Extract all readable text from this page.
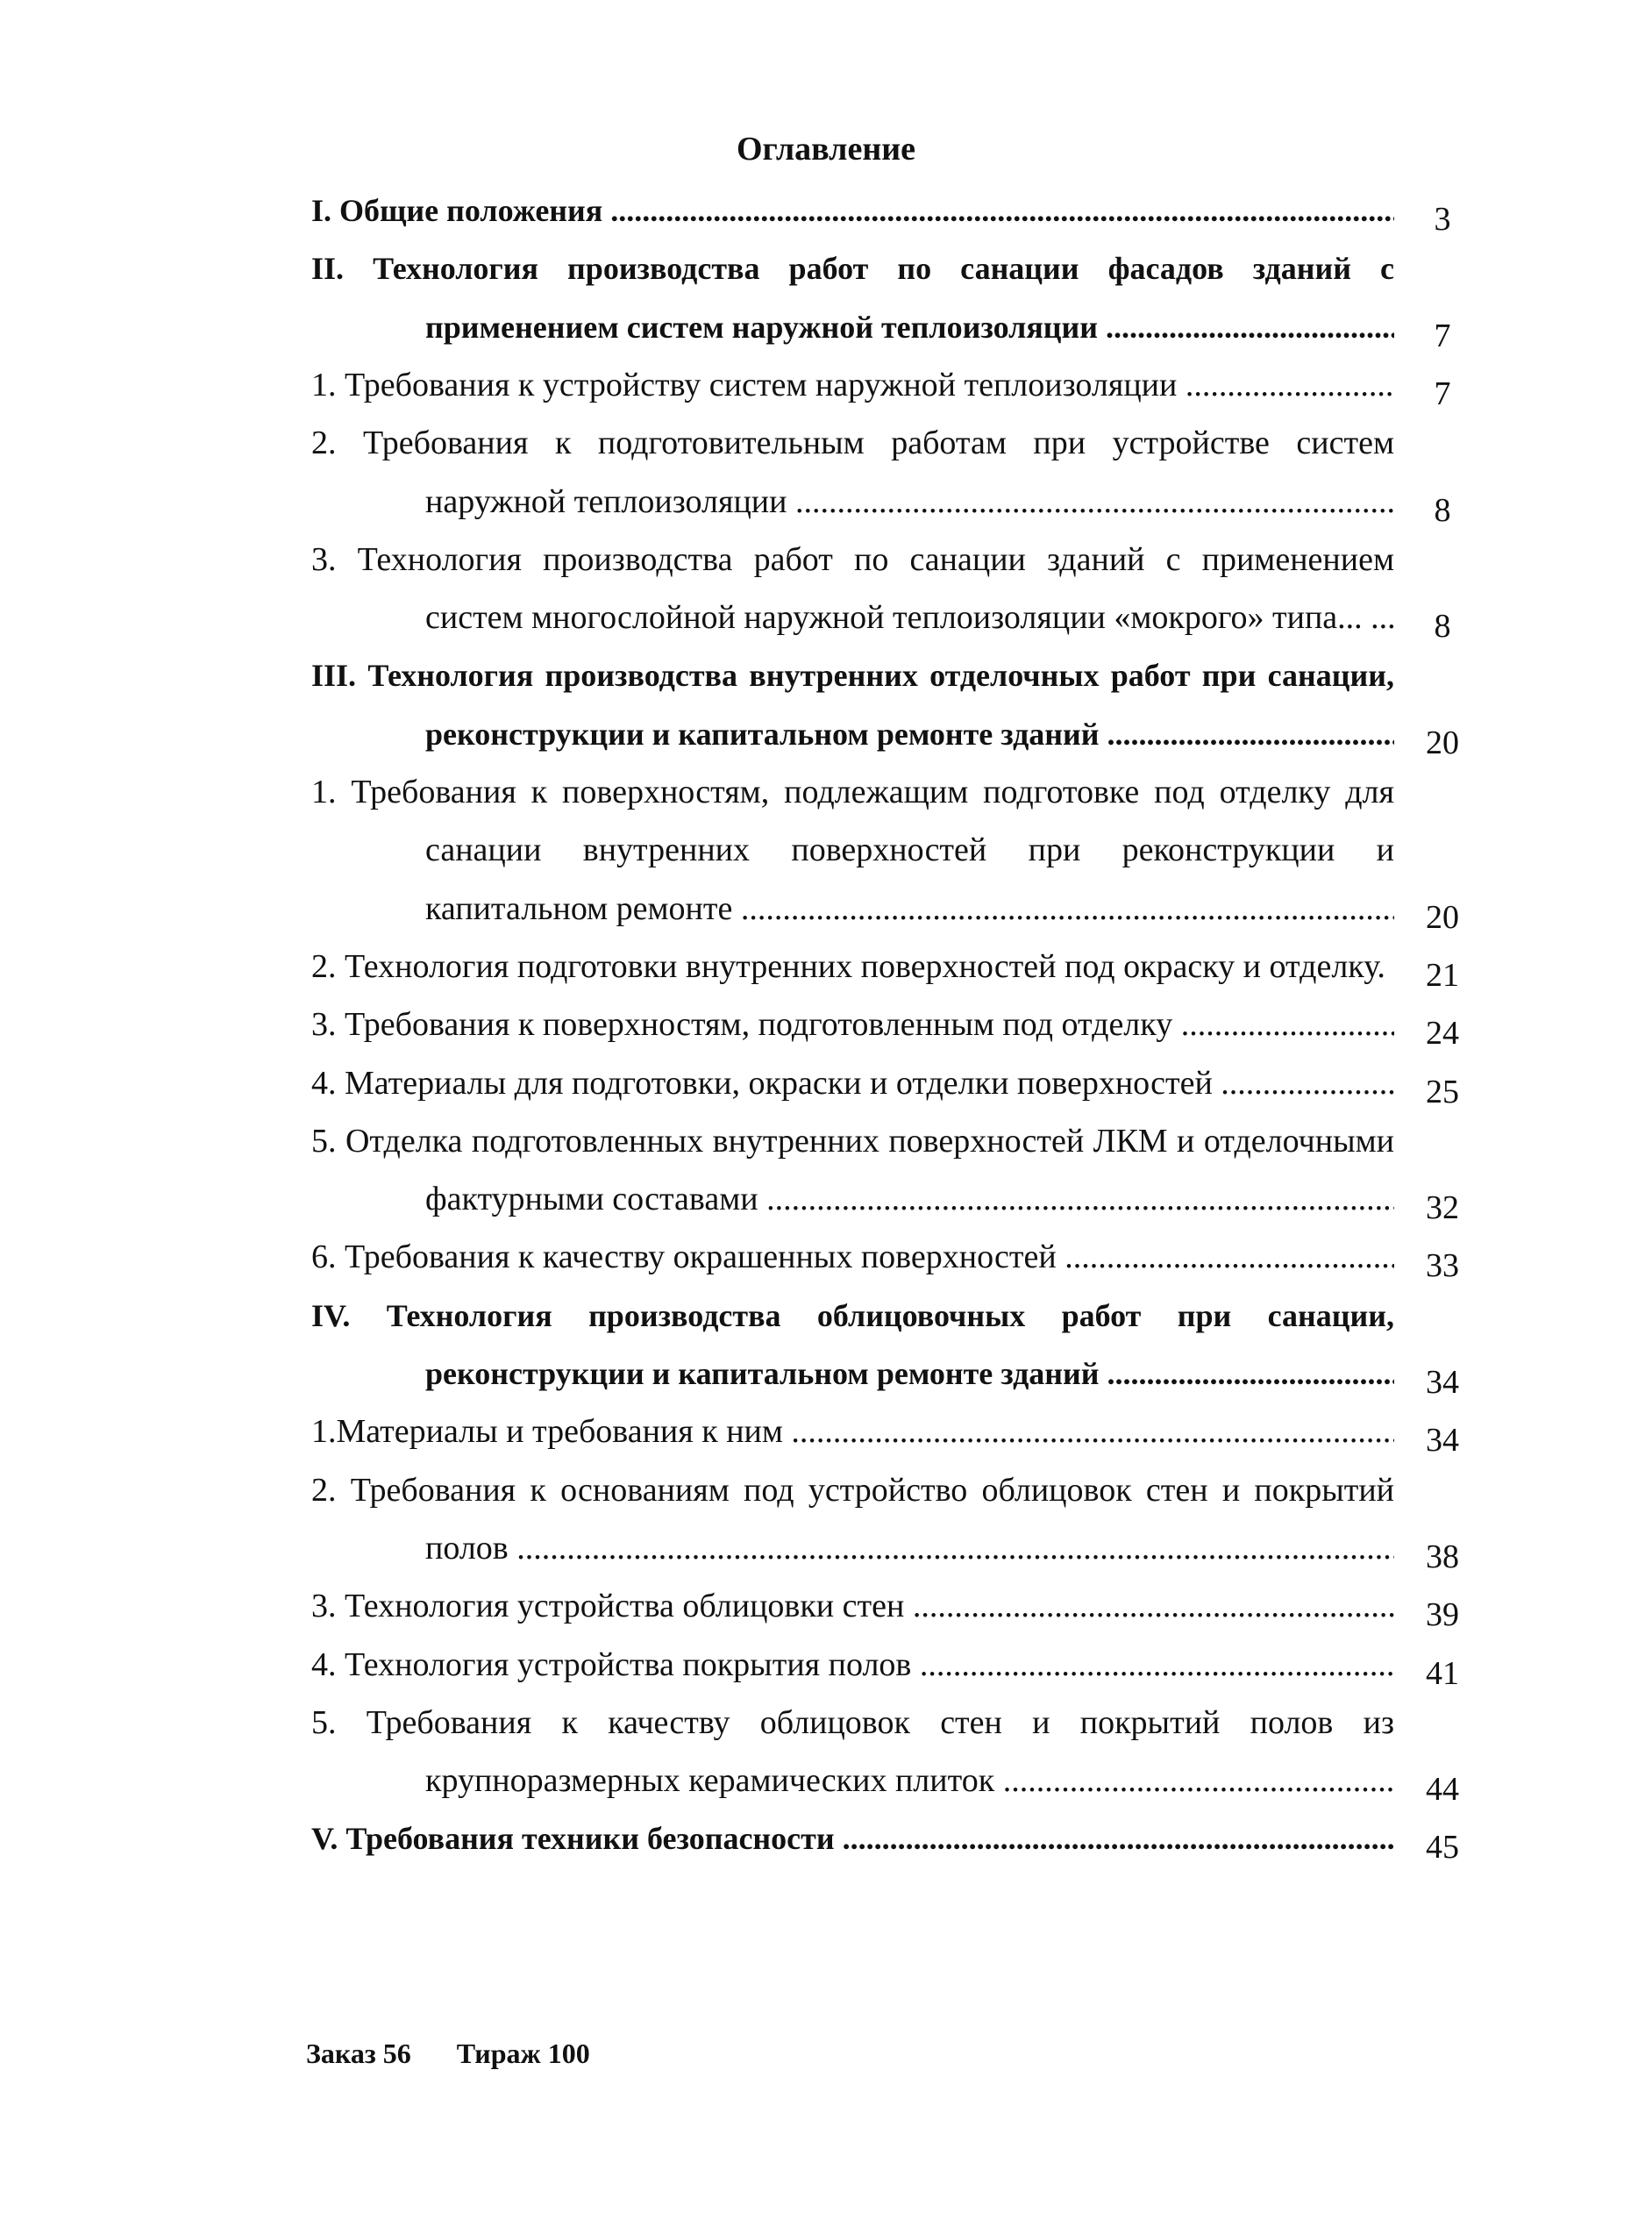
Оглавление
I. Общие положения .....	3
II. Технология производства работ по санации фасадов зданий с
применением систем наружной теплоизоляции .....	7
1. Требования к устройству систем наружной теплоизоляции .....	7
2. Требования к подготовительным работам при устройстве систем
наружной теплоизоляции .....	8
3. Технология производства работ по санации зданий с применением
систем многослойной наружной теплоизоляции «мокрого» типа... .....	8
III. Технология производства внутренних отделочных работ при санации,
реконструкции и капитальном ремонте зданий .....	20
1. Требования к поверхностям, подлежащим подготовке под отделку для
санации внутренних поверхностей при реконструкции и
капитальном ремонте .....	20
2. Технология подготовки внутренних поверхностей под окраску и отделку. .....	21
3. Требования к поверхностям, подготовленным под отделку .....	24
4. Материалы для подготовки, окраски и отделки поверхностей .....	25
5. Отделка подготовленных внутренних поверхностей ЛКМ и отделочными
фактурными составами .....	32
6. Требования к качеству окрашенных поверхностей .....	33
IV. Технология производства облицовочных работ при санации,
реконструкции и капитальном ремонте зданий .....	34
1.Материалы и требования к ним .....	34
2. Требования к основаниям под устройство облицовок стен и покрытий
полов .....	38
3. Технология устройства облицовки стен .....	39
4. Технология устройства покрытия полов .....	41
5. Требования к качеству облицовок стен и покрытий полов из
крупноразмерных керамических плиток .....	44
V. Требования техники безопасности .....	45
Заказ 56 Тираж 100
